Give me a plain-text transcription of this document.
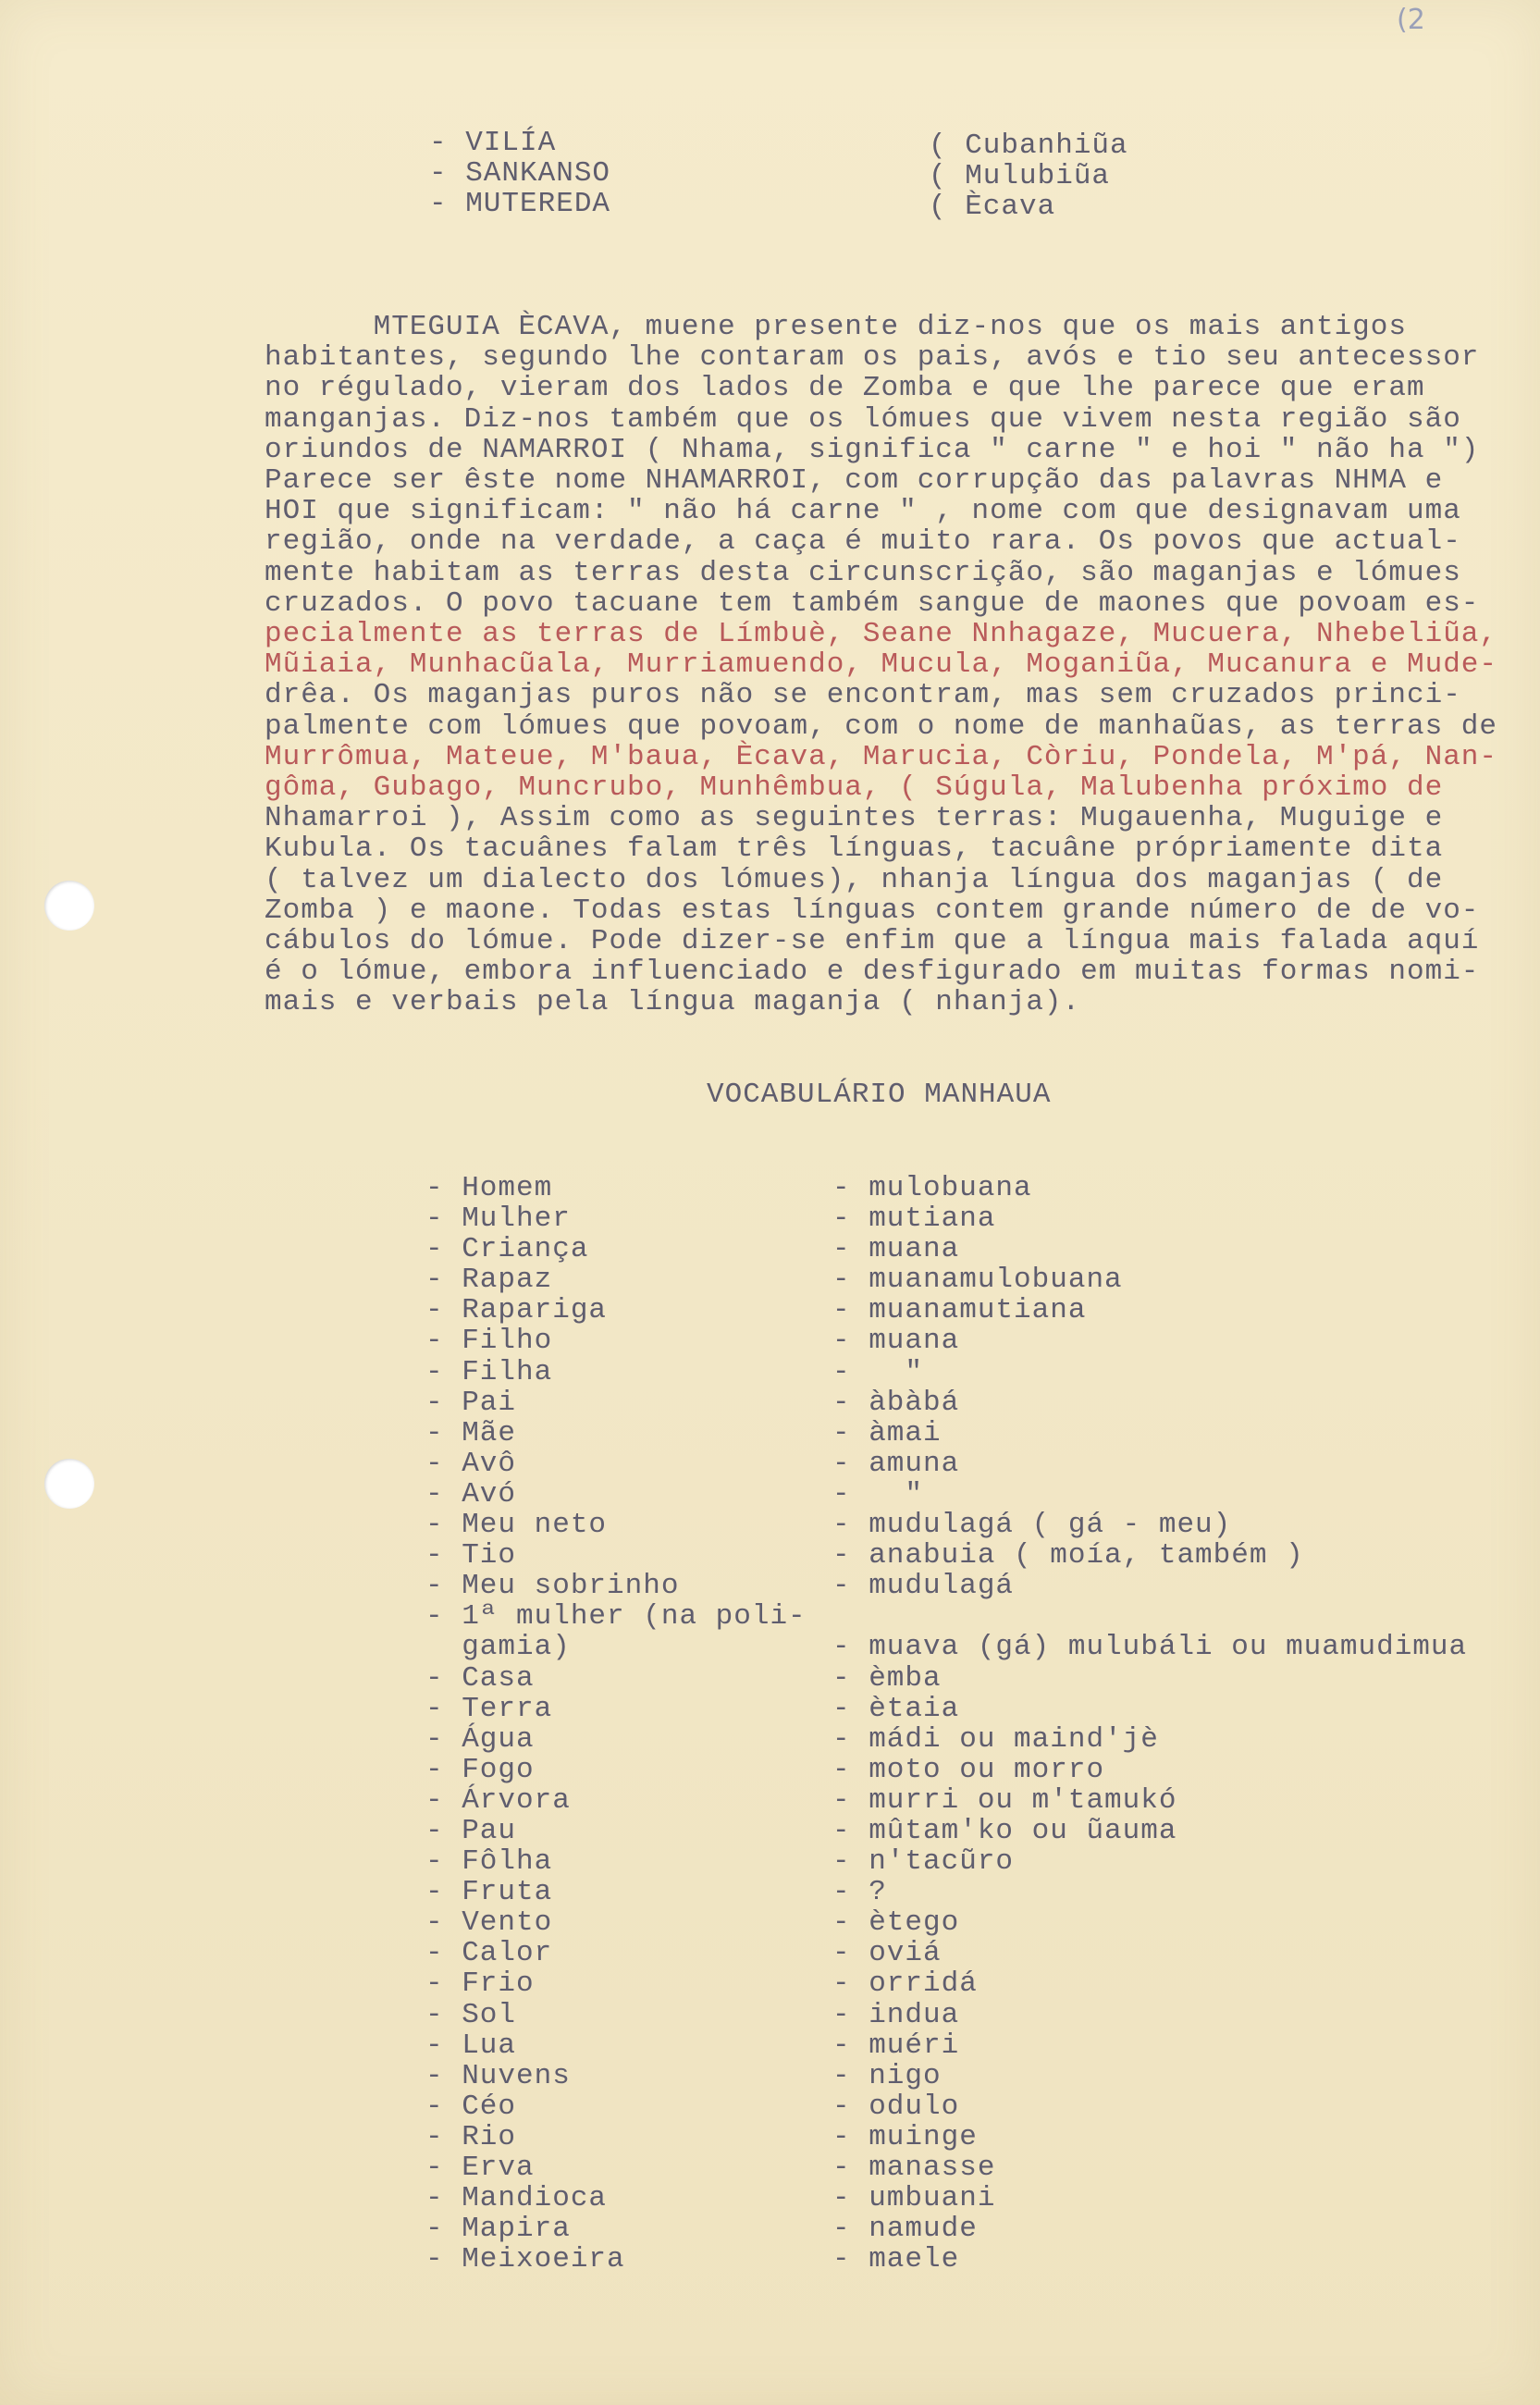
(2
- VILÍA
- SANKANSO
- MUTEREDA
( Cubanhiũa
( Mulubiũa
( Ècava
MTEGUIA ÈCAVA, muene presente diz-nos que os mais antigos
habitantes, segundo lhe contaram os pais, avós e tio seu antecessor
no régulado, vieram dos lados de Zomba e que lhe parece que eram
manganjas. Diz-nos também que os lómues que vivem nesta região são
oriundos de NAMARROI ( Nhama, significa " carne " e hoi " não ha ")
Parece ser êste nome NHAMARROI, com corrupção das palavras NHMA e
HOI que significam: " não há carne " , nome com que designavam uma
região, onde na verdade, a caça é muito rara. Os povos que actual-
mente habitam as terras desta circunscrição, são maganjas e lómues
cruzados. O povo tacuane tem também sangue de maones que povoam es-
pecialmente as terras de Límbuè, Seane Nnhagaze, Mucuera, Nhebeliũa,
Mũiaia, Munhacũala, Murriamuendo, Mucula, Moganiũa, Mucanura e Mude-
drêa. Os maganjas puros não se encontram, mas sem cruzados princi-
palmente com lómues que povoam, com o nome de manhaũas, as terras de
Murrômua, Mateue, M'baua, Ècava, Marucia, Còriu, Pondela, M'pá, Nan-
gôma, Gubago, Muncrubo, Munhêmbua, ( Súgula, Malubenha próximo de
Nhamarroi ), Assim como as seguintes terras: Mugauenha, Muguige e
Kubula. Os tacuânes falam três línguas, tacuâne própriamente dita
( talvez um dialecto dos lómues), nhanja língua dos maganjas ( de
Zomba ) e maone. Todas estas línguas contem grande número de de vo-
cábulos do lómue. Pode dizer-se enfim que a língua mais falada aquí
é o lómue, embora influenciado e desfigurado em muitas formas nomi-
mais e verbais pela língua maganja ( nhanja).
VOCABULÁRIO MANHAUA
- Homem
- Mulher
- Criança
- Rapaz
- Rapariga
- Filho
- Filha
- Pai
- Mãe
- Avô
- Avó
- Meu neto
- Tio
- Meu sobrinho
- 1ª mulher (na poli-
gamia)
- Casa
- Terra
- Água
- Fogo
- Árvora
- Pau
- Fôlha
- Fruta
- Vento
- Calor
- Frio
- Sol
- Lua
- Nuvens
- Céo
- Rio
- Erva
- Mandioca
- Mapira
- Meixoeira
- mulobuana
- mutiana
- muana
- muanamulobuana
- muanamutiana
- muana
-   "
- àbàbá
- àmai
- amuna
-   "
- mudulagá ( gá - meu)
- anabuia ( moía, também )
- mudulagá
- muava (gá) mulubáli ou muamudimua
- èmba
- ètaia
- mádi ou maind'jè
- moto ou morro
- murri ou m'tamukó
- mûtam'ko ou ũauma
- n'tacũro
- ?
- ètego
- oviá
- orridá
- indua
- muéri
- nigo
- odulo
- muinge
- manasse
- umbuani
- namude
- maele
